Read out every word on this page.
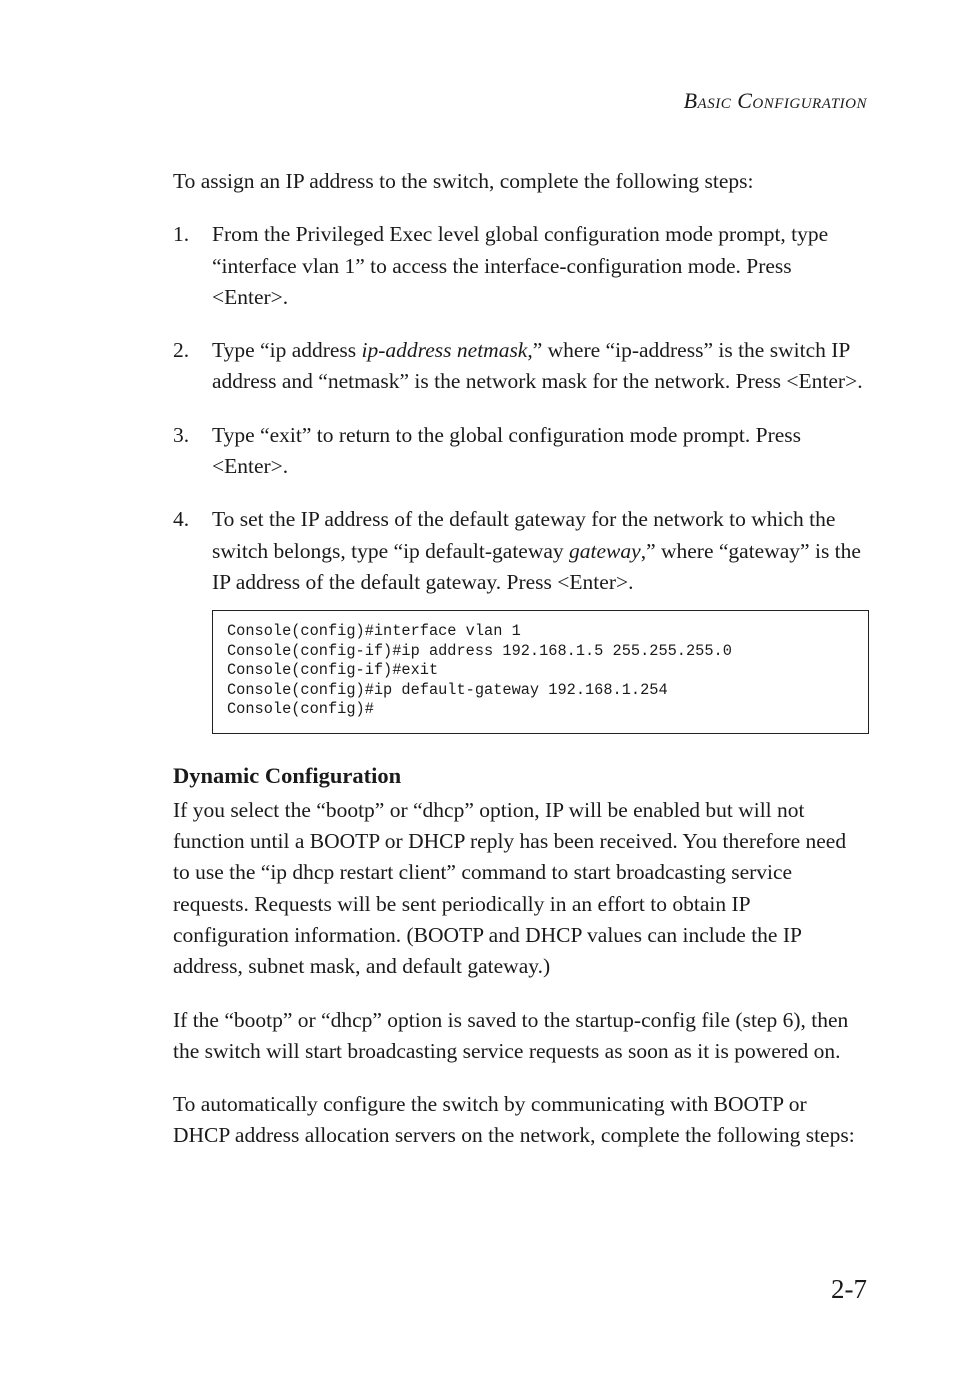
Basic Configuration

To assign an IP address to the switch, complete the following steps:

1. From the Privileged Exec level global configuration mode prompt, type “interface vlan 1” to access the interface-configuration mode. Press <Enter>.
2. Type “ip address ip-address netmask,” where “ip-address” is the switch IP address and “netmask” is the network mask for the network. Press <Enter>.
3. Type “exit” to return to the global configuration mode prompt. Press <Enter>.
4. To set the IP address of the default gateway for the network to which the switch belongs, type “ip default-gateway gateway,” where “gateway” is the IP address of the default gateway. Press <Enter>.
Console(config)#interface vlan 1
Console(config-if)#ip address 192.168.1.5 255.255.255.0
Console(config-if)#exit
Console(config)#ip default-gateway 192.168.1.254
Console(config)#
Dynamic Configuration

If you select the “bootp” or “dhcp” option, IP will be enabled but will not function until a BOOTP or DHCP reply has been received. You therefore need to use the “ip dhcp restart client” command to start broadcasting service requests. Requests will be sent periodically in an effort to obtain IP configuration information. (BOOTP and DHCP values can include the IP address, subnet mask, and default gateway.)

If the “bootp” or “dhcp” option is saved to the startup-config file (step 6), then the switch will start broadcasting service requests as soon as it is powered on.

To automatically configure the switch by communicating with BOOTP or DHCP address allocation servers on the network, complete the following steps:

2-7
